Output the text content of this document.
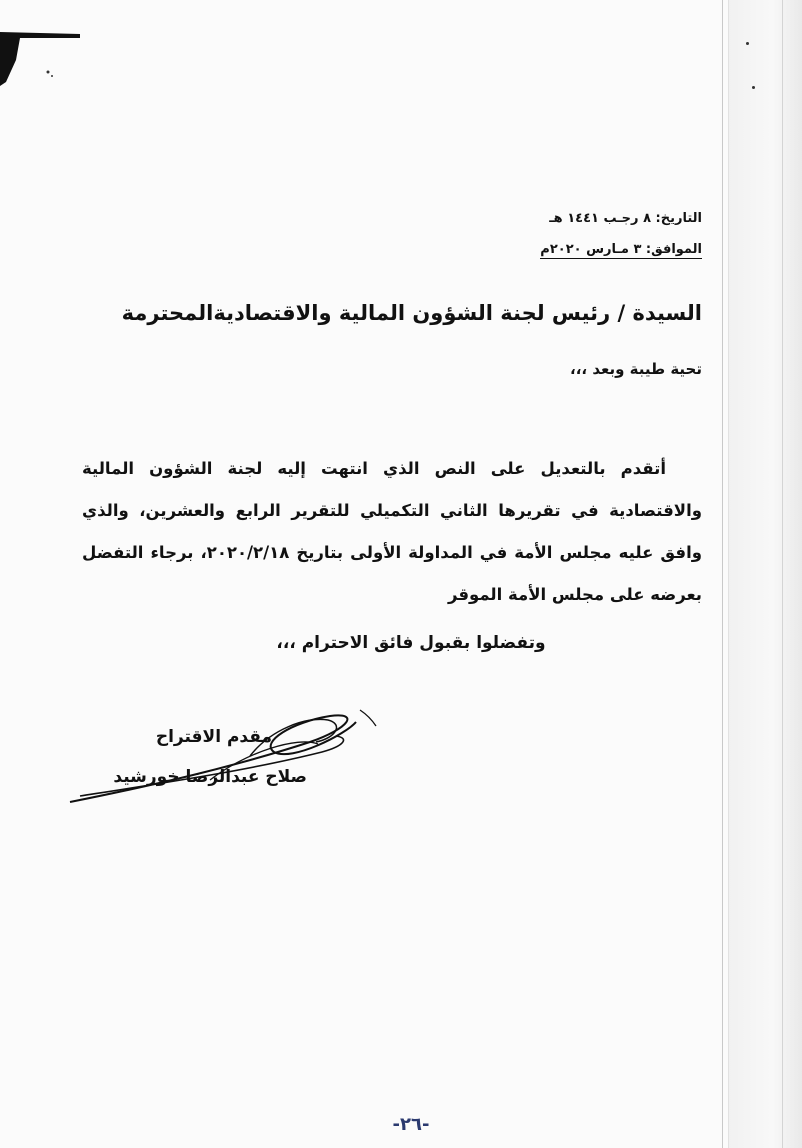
التاريخ: ٨ رجـب ١٤٤١ هـ
الموافق: ٣ مـارس ٢٠٢٠م
السيدة / رئيس لجنة الشؤون المالية والاقتصادية
المحترمة
تحية طيبة وبعد ،،،
أتقدم بالتعديل على النص الذي انتهت إليه لجنة الشؤون المالية والاقتصادية في تقريرها الثاني التكميلي للتقرير الرابع والعشرين، والذي وافق عليه مجلس الأمة في المداولة الأولى بتاريخ ٢٠٢٠/٢/١٨، برجاء التفضل بعرضه على مجلس الأمة الموقر
وتفضلوا بقبول فائق الاحترام ،،،
مقدم الاقتراح
صلاح عبدالرضا خورشيد
-٢٦-
